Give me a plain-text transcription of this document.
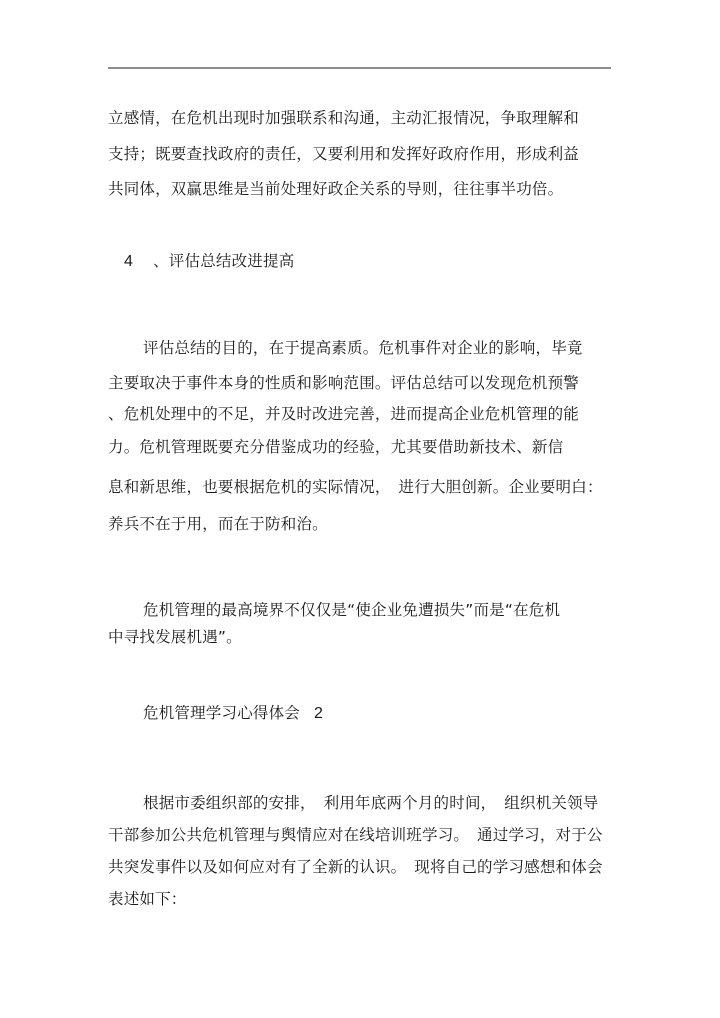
立感情，在危机出现时加强联系和沟通，主动汇报情况，争取理解和
支持；既要查找政府的责任，又要利用和发挥好政府作用，形成利益
共同体，双赢思维是当前处理好政企关系的导则，往往事半功倍。
4 、评估总结改进提高
评估总结的目的，在于提高素质。危机事件对企业的影响，毕竟
主要取决于事件本身的性质和影响范围。评估总结可以发现危机预警
、危机处理中的不足，并及时改进完善，进而提高企业危机管理的能
力。危机管理既要充分借鉴成功的经验，尤其要借助新技术、新信
息和新思维，也要根据危机的实际情况，　进行大胆创新。企业要明白：
养兵不在于用，而在于防和治。
危机管理的最高境界不仅仅是“使企业免遭损失”而是“在危机
中寻找发展机遇”。
危机管理学习心得体会 2
根据市委组织部的安排，　利用年底两个月的时间，　组织机关领导
干部参加公共危机管理与舆情应对在线培训班学习。　通过学习，对于公
共突发事件以及如何应对有了全新的认识。　现将自己的学习感想和体会
表述如下：
